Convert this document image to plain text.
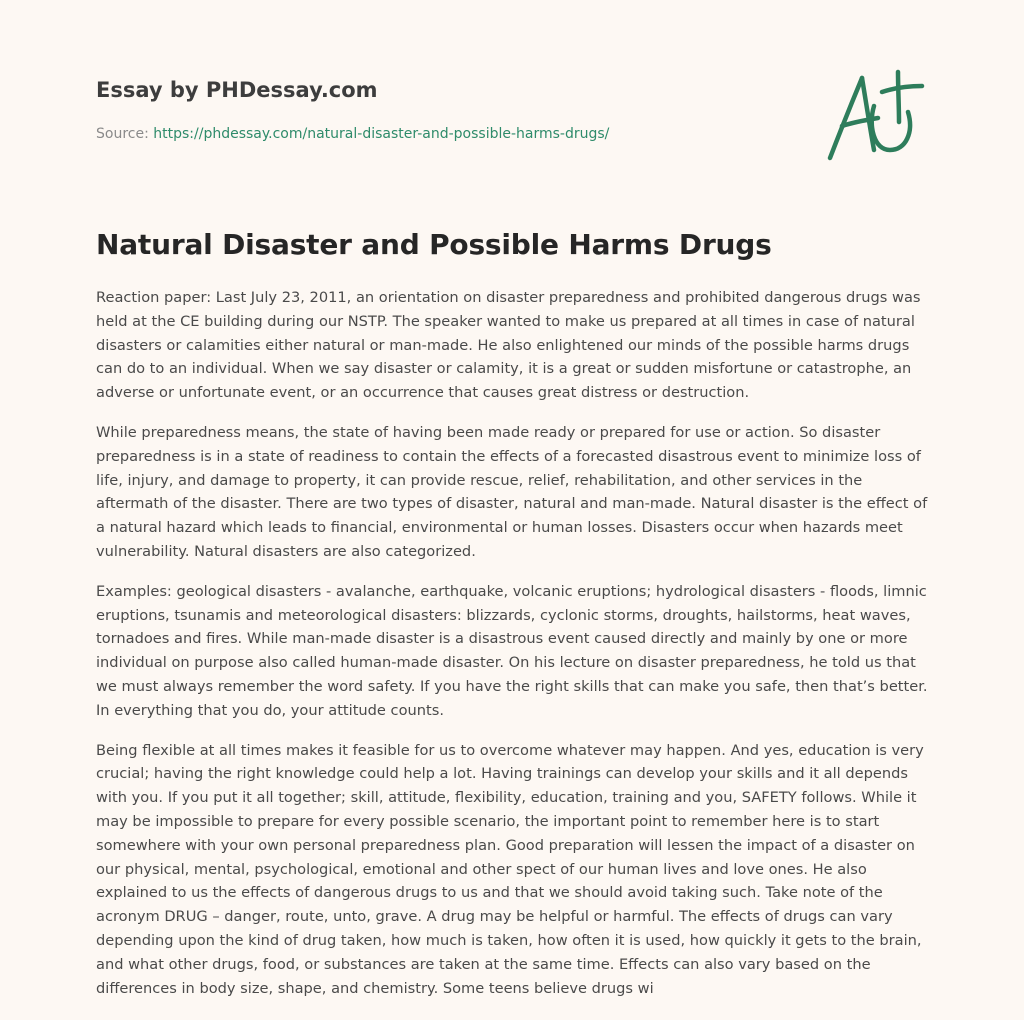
Essay by PHDessay.com
Source: https://phdessay.com/natural-disaster-and-possible-harms-drugs/
Natural Disaster and Possible Harms Drugs

Reaction paper: Last July 23, 2011, an orientation on disaster preparedness and prohibited dangerous drugs was held at the CE building during our NSTP. The speaker wanted to make us prepared at all times in case of natural disasters or calamities either natural or man-made. He also enlightened our minds of the possible harms drugs can do to an individual. When we say disaster or calamity, it is a great or sudden misfortune or catastrophe, an adverse or unfortunate event, or an occurrence that causes great distress or destruction.

While preparedness means, the state of having been made ready or prepared for use or action. So disaster preparedness is in a state of readiness to contain the effects of a forecasted disastrous event to minimize loss of life, injury, and damage to property, it can provide rescue, relief, rehabilitation, and other services in the aftermath of the disaster. There are two types of disaster, natural and man-made. Natural disaster is the effect of a natural hazard which leads to financial, environmental or human losses. Disasters occur when hazards meet vulnerability. Natural disasters are also categorized.

Examples: geological disasters - avalanche, earthquake, volcanic eruptions; hydrological disasters - floods, limnic eruptions, tsunamis and meteorological disasters: blizzards, cyclonic storms, droughts, hailstorms, heat waves, tornadoes and fires. While man-made disaster is a disastrous event caused directly and mainly by one or more individual on purpose also called human-made disaster. On his lecture on disaster preparedness, he told us that we must always remember the word safety. If you have the right skills that can make you safe, then that’s better. In everything that you do, your attitude counts.

Being flexible at all times makes it feasible for us to overcome whatever may happen. And yes, education is very crucial; having the right knowledge could help a lot. Having trainings can develop your skills and it all depends with you. If you put it all together; skill, attitude, flexibility, education, training and you, SAFETY follows. While it may be impossible to prepare for every possible scenario, the important point to remember here is to start somewhere with your own personal preparedness plan. Good preparation will lessen the impact of a disaster on our physical, mental, psychological, emotional and other spect of our human lives and love ones. He also explained to us the effects of dangerous drugs to us and that we should avoid taking such. Take note of the acronym DRUG – danger, route, unto, grave. A drug may be helpful or harmful. The effects of drugs can vary depending upon the kind of drug taken, how much is taken, how often it is used, how quickly it gets to the brain, and what other drugs, food, or substances are taken at the same time. Effects can also vary based on the differences in body size, shape, and chemistry. Some teens believe drugs wi
